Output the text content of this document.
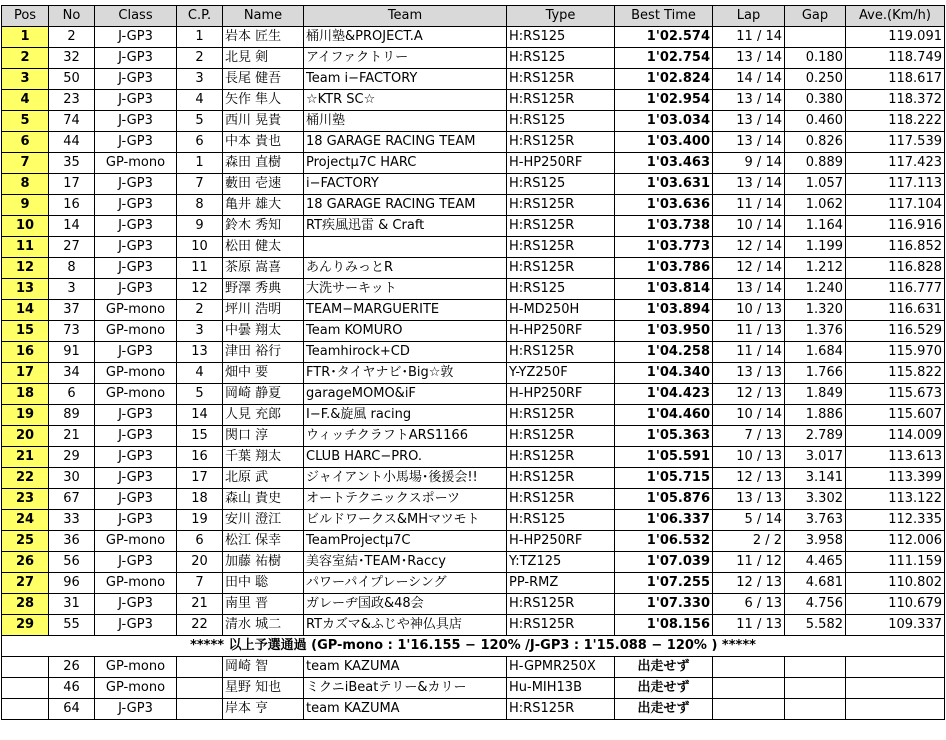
Pos	No	Class	C.P.	Name	Team	Type	Best Time	Lap	Gap	Ave.(Km/h)
1	2	J-GP3	1	岩本 匠生	桶川塾&PROJECT.A	H:RS125	1'02.574	11 / 14		119.091
2	32	J-GP3	2	北見 剣	アイファクトリー	H:RS125	1'02.754	13 / 14	0.180	118.749
3	50	J-GP3	3	長尾 健吾	Team i−FACTORY	H:RS125R	1'02.824	14 / 14	0.250	118.617
4	23	J-GP3	4	矢作 隼人	☆KTR SC☆	H:RS125R	1'02.954	13 / 14	0.380	118.372
5	74	J-GP3	5	西川 晃貴	桶川塾	H:RS125	1'03.034	13 / 14	0.460	118.222
6	44	J-GP3	6	中本 貴也	18 GARAGE RACING TEAM	H:RS125R	1'03.400	13 / 14	0.826	117.539
7	35	GP-mono	1	森田 直樹	Projectμ7C HARC	H-HP250RF	1'03.463	9 / 14	0.889	117.423
8	17	J-GP3	7	藪田 壱速	i−FACTORY	H:RS125	1'03.631	13 / 14	1.057	117.113
9	16	J-GP3	8	亀井 雄大	18 GARAGE RACING TEAM	H:RS125R	1'03.636	11 / 14	1.062	117.104
10	14	J-GP3	9	鈴木 秀知	RT疾風迅雷 & Craft	H:RS125R	1'03.738	10 / 14	1.164	116.916
11	27	J-GP3	10	松田 健太		H:RS125R	1'03.773	12 / 14	1.199	116.852
12	8	J-GP3	11	茶原 嵩喜	あんりみっとR	H:RS125R	1'03.786	12 / 14	1.212	116.828
13	3	J-GP3	12	野澤 秀典	大洗サーキット	H:RS125	1'03.814	13 / 14	1.240	116.777
14	37	GP-mono	2	坪川 浩明	TEAM−MARGUERITE	H-MD250H	1'03.894	10 / 13	1.320	116.631
15	73	GP-mono	3	中曇 翔太	Team KOMURO	H-HP250RF	1'03.950	11 / 13	1.376	116.529
16	91	J-GP3	13	津田 裕行	Teamhirock+CD	H:RS125R	1'04.258	11 / 14	1.684	115.970
17	34	GP-mono	4	畑中 要	FTR･タイヤナビ･Big☆敦	Y-YZ250F	1'04.340	13 / 13	1.766	115.822
18	6	GP-mono	5	岡崎 静夏	garageMOMO&iF	H-HP250RF	1'04.423	12 / 13	1.849	115.673
19	89	J-GP3	14	人見 充郎	I−F.&旋風 racing	H:RS125R	1'04.460	10 / 14	1.886	115.607
20	21	J-GP3	15	関口 淳	ウィッチクラフトARS1166	H:RS125R	1'05.363	7 / 13	2.789	114.009
21	29	J-GP3	16	千葉 翔太	CLUB HARC−PRO.	H:RS125R	1'05.591	10 / 13	3.017	113.613
22	30	J-GP3	17	北原 武	ジャイアント小馬場･後援会!!	H:RS125R	1'05.715	12 / 13	3.141	113.399
23	67	J-GP3	18	森山 貴史	オートテクニックスポーツ	H:RS125R	1'05.876	13 / 13	3.302	113.122
24	33	J-GP3	19	安川 澄江	ビルドワークス&MHマツモト	H:RS125	1'06.337	5 / 14	3.763	112.335
25	36	GP-mono	6	松江 保幸	TeamProjectμ7C	H-HP250RF	1'06.532	2 / 2	3.958	112.006
26	56	J-GP3	20	加藤 祐樹	美容室結･TEAM･Raccy	Y:TZ125	1'07.039	11 / 12	4.465	111.159
27	96	GP-mono	7	田中 聡	パワーパイプレーシング	PP-RMZ	1'07.255	12 / 13	4.681	110.802
28	31	J-GP3	21	南里 晋	ガレーヂ国政&48会	H:RS125R	1'07.330	6 / 13	4.756	110.679
29	55	J-GP3	22	清水 城二	RTカズマ&ふじや神仏具店	H:RS125R	1'08.156	11 / 13	5.582	109.337
***** 以上予選通過 (GP-mono : 1'16.155 − 120% /J-GP3 : 1'15.088 − 120% ) *****										
	26	GP-mono		岡崎 智	team KAZUMA	H-GPMR250X	出走せず			
	46	GP-mono		星野 知也	ミクニiBeatテリー&カリー	Hu-MIH13B	出走せず			
	64	J-GP3		岸本 亨	team KAZUMA	H:RS125R	出走せず			
